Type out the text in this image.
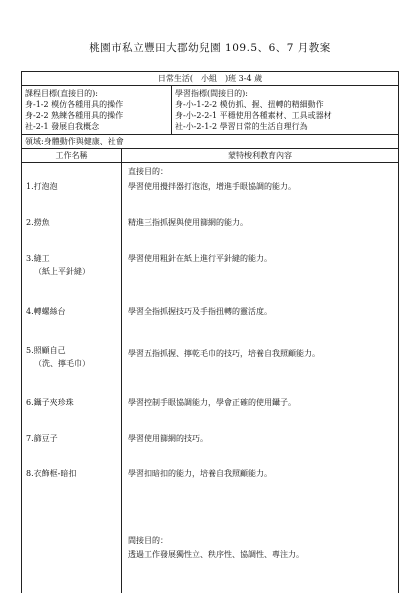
桃園市私立豐田大郡幼兒園 109.5、6、7 月教案
日常生活(　小組　)班 3-4 歲
課程目標(直接目的):
身-1-2 模仿各種用具的操作
身-2-2 熟練各種用具的操作
社-2-1 發展自我概念
學習指標(間接目的):
身-小-1-2-2 模仿抓、握、扭轉的精細動作
身-小-2-2-1 平穩使用各種素材、工具或器材
社-小-2-1-2 學習日常的生活自理行為
領域:身體動作與健康、社會
工作名稱	蒙特梭利教育內容
1.打泡泡
2.撈魚
3.縫工
（紙上平針縫）
4.轉螺絲台
5.照顧自己
（洗、擰毛巾）
6.鑷子夾珍珠
7.篩豆子
8.衣飾框-暗扣
直接目的：
學習使用攪拌器打泡泡，增進手眼協調的能力。
精進三指抓握與使用篩網的能力。
學習使用粗針在紙上進行平針縫的能力。
學習全指抓握技巧及手指扭轉的靈活度。
學習五指抓握、擰乾毛巾的技巧，培養自我照顧能力。
學習控制手眼協調能力，學會正確的使用鑷子。
學習使用篩網的技巧。
學習扣暗扣的能力，培養自我照顧能力。
間接目的：
透過工作發展獨性立、秩序性、協調性、專注力。
